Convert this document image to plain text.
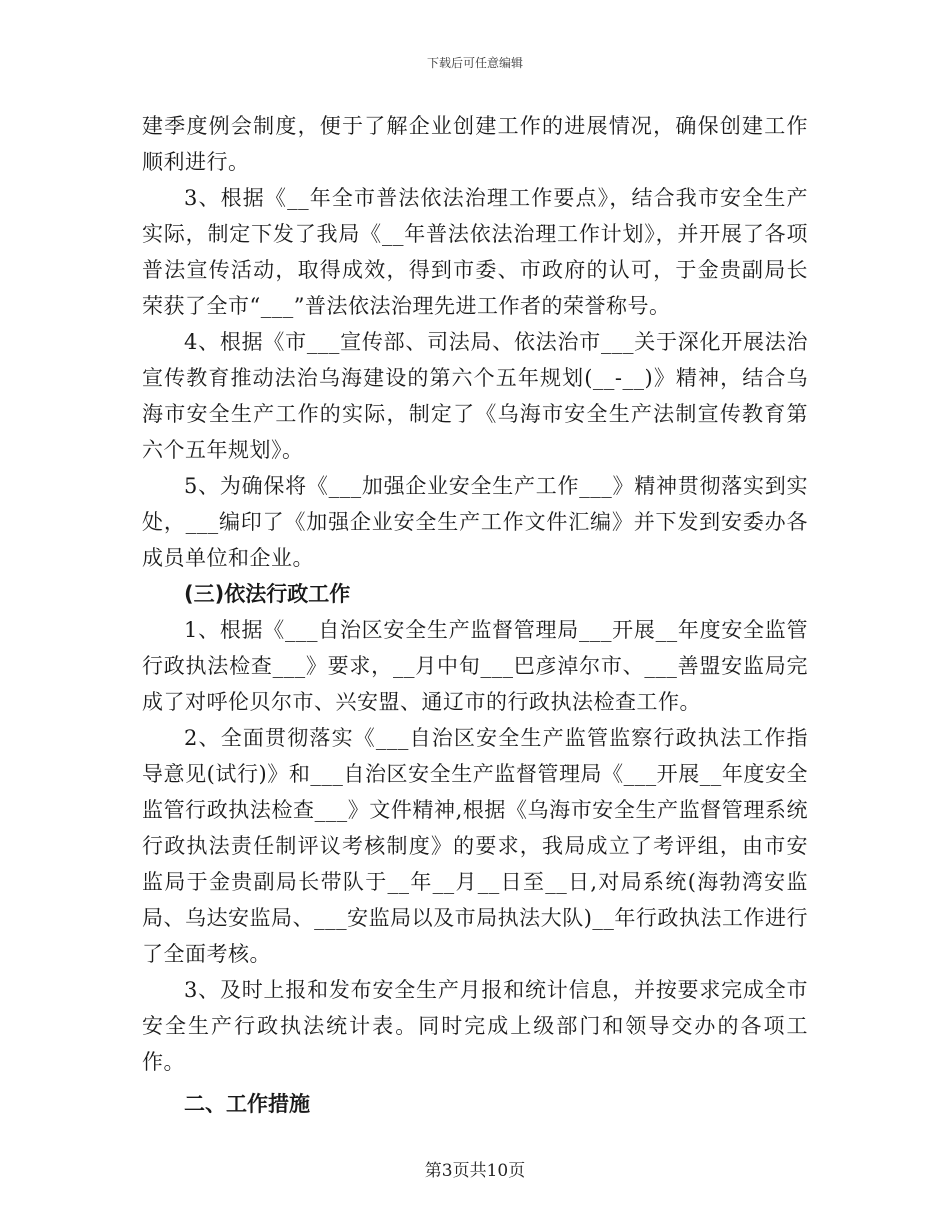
下载后可任意编辑

建季度例会制度，便于了解企业创建工作的进展情况，确保创建工作顺利进行。

3、根据《__年全市普法依法治理工作要点》，结合我市安全生产实际，制定下发了我局《__年普法依法治理工作计划》，并开展了各项普法宣传活动，取得成效，得到市委、市政府的认可，于金贵副局长荣获了全市“___”普法依法治理先进工作者的荣誉称号。

4、根据《市___宣传部、司法局、依法治市___关于深化开展法治宣传教育推动法治乌海建设的第六个五年规划(__-__)》精神，结合乌海市安全生产工作的实际，制定了《乌海市安全生产法制宣传教育第六个五年规划》。

5、为确保将《___加强企业安全生产工作___》精神贯彻落实到实处，___编印了《加强企业安全生产工作文件汇编》并下发到安委办各成员单位和企业。

(三)依法行政工作

1、根据《___自治区安全生产监督管理局___开展__年度安全监管行政执法检查___》要求，__月中旬___巴彦淖尔市、___善盟安监局完成了对呼伦贝尔市、兴安盟、通辽市的行政执法检查工作。

2、全面贯彻落实《___自治区安全生产监管监察行政执法工作指导意见(试行)》和___自治区安全生产监督管理局《___开展__年度安全监管行政执法检查___》文件精神,根据《乌海市安全生产监督管理系统行政执法责任制评议考核制度》的要求，我局成立了考评组，由市安监局于金贵副局长带队于__年__月__日至__日,对局系统(海勃湾安监局、乌达安监局、___安监局以及市局执法大队)__年行政执法工作进行了全面考核。

3、及时上报和发布安全生产月报和统计信息，并按要求完成全市安全生产行政执法统计表。同时完成上级部门和领导交办的各项工作。

二、工作措施

第3页共10页
